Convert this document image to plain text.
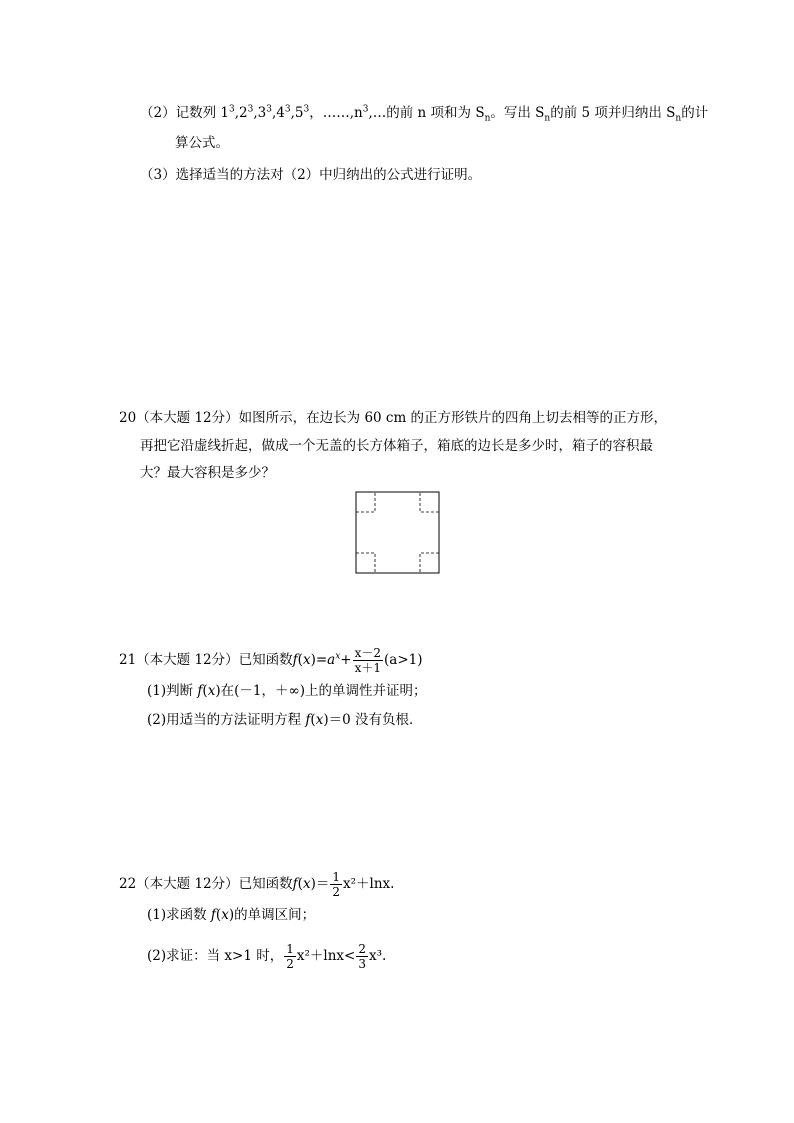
（2）记数列 $1^3,2^3,3^3,4^3,5^3$，$\dots\dots,n^3,\dots$的前 n 项和为 $S_n$。写出 $S_n$的前 5 项并归纳出 $S_n$的计
算公式。
（3）选择适当的方法对（2）中归纳出的公式进行证明。
20（本大题 12分）如图所示，在边长为 60 cm 的正方形铁片的四角上切去相等的正方形，
再把它沿虚线折起，做成一个无盖的长方体箱子，箱底的边长是多少时，箱子的容积最
大？最大容积是多少？
21（本大题 12分）已知函数$f(x)=a^x+ \frac{x-2}{x+1} (a>1)$
(1)判断 f(x)在(－1，＋∞)上的单调性并证明；
(2)用适当的方法证明方程 f(x)＝0 没有负根．
22（本大题 12分）已知函数$f(x)= \frac{1}{2} x^2+\ln x$.
(1)求函数 f(x)的单调区间；
(2)求证：当 x>1 时， $\frac{1}{2} x^2+\ln x< \frac{2}{3} x^3$.
